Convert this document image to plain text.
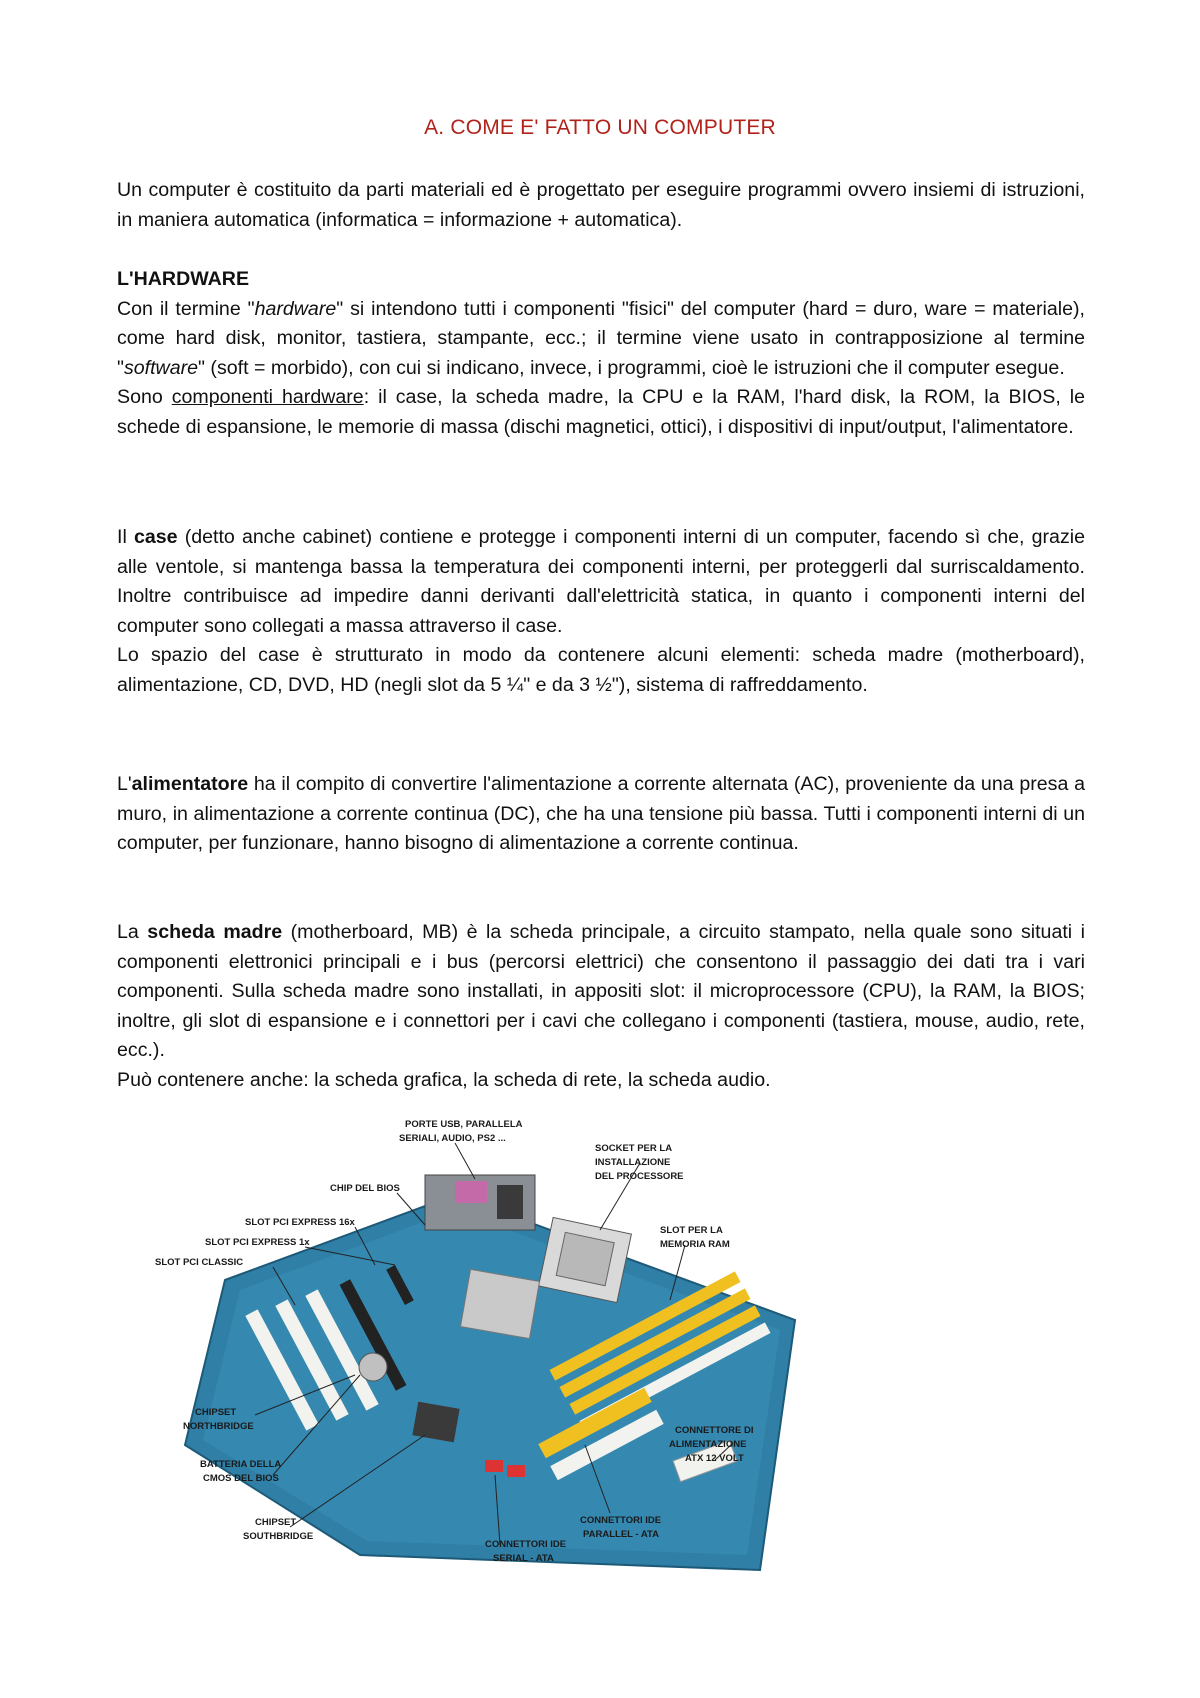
A. COME E' FATTO UN COMPUTER

Un computer è costituito da parti materiali ed è progettato per eseguire programmi ovvero insiemi di istruzioni, in maniera automatica (informatica = informazione + automatica).

L'HARDWARE

Con il termine "hardware" si intendono tutti i componenti "fisici" del computer (hard = duro, ware = materiale), come hard disk, monitor, tastiera, stampante, ecc.; il termine viene usato in contrapposizione al termine "software" (soft = morbido), con cui si indicano, invece, i programmi, cioè le istruzioni che il computer esegue.

Sono componenti hardware: il case, la scheda madre, la CPU e la RAM, l'hard disk, la ROM, la BIOS, le schede di espansione, le memorie di massa (dischi magnetici, ottici), i dispositivi di input/output, l'alimentatore.

Il case (detto anche cabinet) contiene e protegge i componenti interni di un computer, facendo sì che, grazie alle ventole, si mantenga bassa la temperatura dei componenti interni, per proteggerli dal surriscaldamento. Inoltre contribuisce ad impedire danni derivanti dall'elettricità statica, in quanto i componenti interni del computer sono collegati a massa attraverso il case.

Lo spazio del case è strutturato in modo da contenere alcuni elementi: scheda madre (motherboard), alimentazione, CD, DVD, HD (negli slot da 5 ¼" e da 3 ½"), sistema di raffreddamento.

L'alimentatore ha il compito di convertire l'alimentazione a corrente alternata (AC), proveniente da una presa a muro, in alimentazione a corrente continua (DC), che ha una tensione più bassa. Tutti i componenti interni di un computer, per funzionare, hanno bisogno di alimentazione a corrente continua.

La scheda madre (motherboard, MB) è la scheda principale, a circuito stampato, nella quale sono situati i componenti elettronici principali e i bus (percorsi elettrici) che consentono il passaggio dei dati tra i vari componenti. Sulla scheda madre sono installati, in appositi slot: il microprocessore (CPU), la RAM, la BIOS; inoltre, gli slot di espansione e i connettori per i cavi che collegano i componenti (tastiera, mouse, audio, rete, ecc.).

Può contenere anche: la scheda grafica, la scheda di rete, la scheda audio.

PORTE USB, PARALLELA
SERIALI, AUDIO, PS2 ...
CHIP DEL BIOS
SOCKET PER LA
INSTALLAZIONE
DEL PROCESSORE
SLOT PCI EXPRESS 16x
SLOT PCI EXPRESS 1x
SLOT PCI CLASSIC
SLOT PER LA
MEMORIA RAM
CHIPSET
NORTHBRIDGE
BATTERIA DELLA
CMOS DEL BIOS
CHIPSET
SOUTHBRIDGE
CONNETTORI IDE
SERIAL - ATA
CONNETTORI IDE
PARALLEL - ATA
CONNETTORE DI
ALIMENTAZIONE
ATX 12 VOLT
